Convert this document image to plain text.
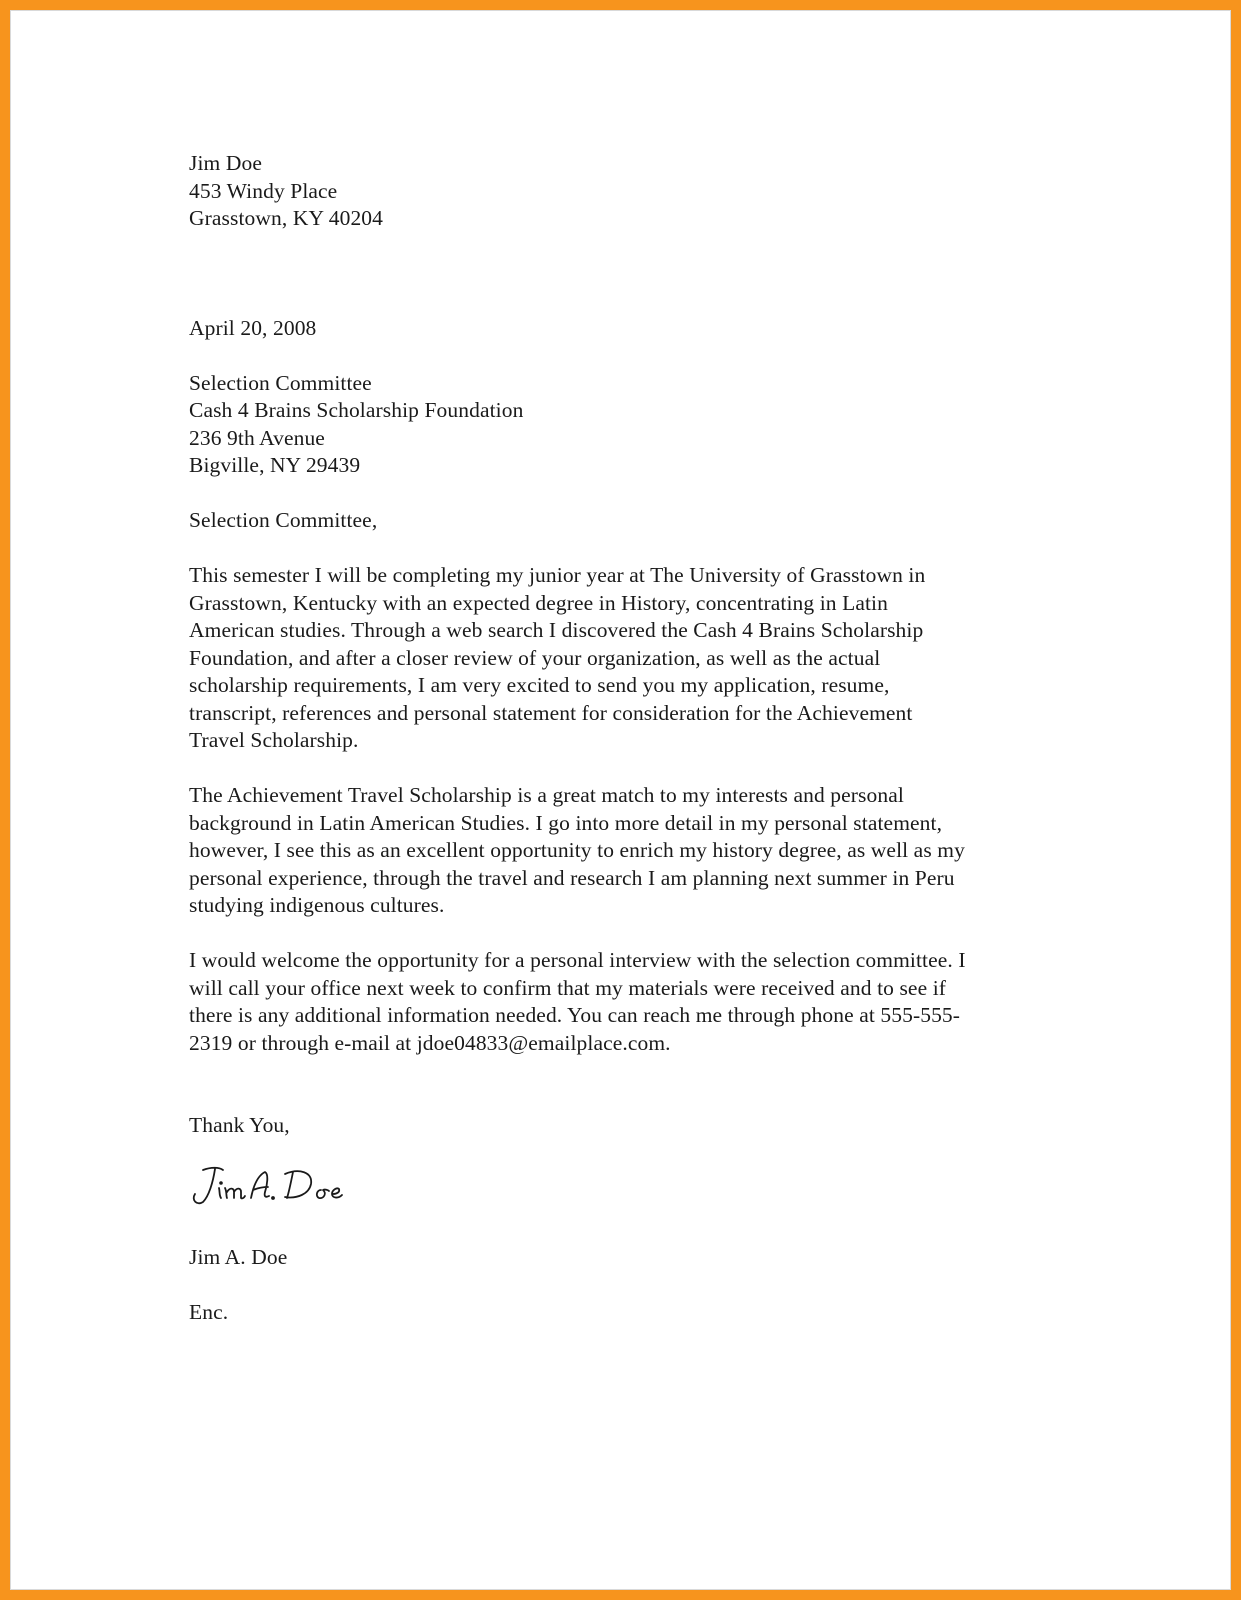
Jim Doe
453 Windy Place
Grasstown, KY 40204
April 20, 2008
Selection Committee
Cash 4 Brains Scholarship Foundation
236 9th Avenue
Bigville, NY 29439
Selection Committee,
This semester I will be completing my junior year at The University of Grasstown in
Grasstown, Kentucky with an expected degree in History, concentrating in Latin
American studies. Through a web search I discovered the Cash 4 Brains Scholarship
Foundation, and after a closer review of your organization, as well as the actual
scholarship requirements, I am very excited to send you my application, resume,
transcript, references and personal statement for consideration for the Achievement
Travel Scholarship.
The Achievement Travel Scholarship is a great match to my interests and personal
background in Latin American Studies. I go into more detail in my personal statement,
however, I see this as an excellent opportunity to enrich my history degree, as well as my
personal experience, through the travel and research I am planning next summer in Peru
studying indigenous cultures.
I would welcome the opportunity for a personal interview with the selection committee. I
will call your office next week to confirm that my materials were received and to see if
there is any additional information needed. You can reach me through phone at 555-555-
2319 or through e-mail at jdoe04833@emailplace.com.
Thank You,
Jim A. Doe
Enc.
